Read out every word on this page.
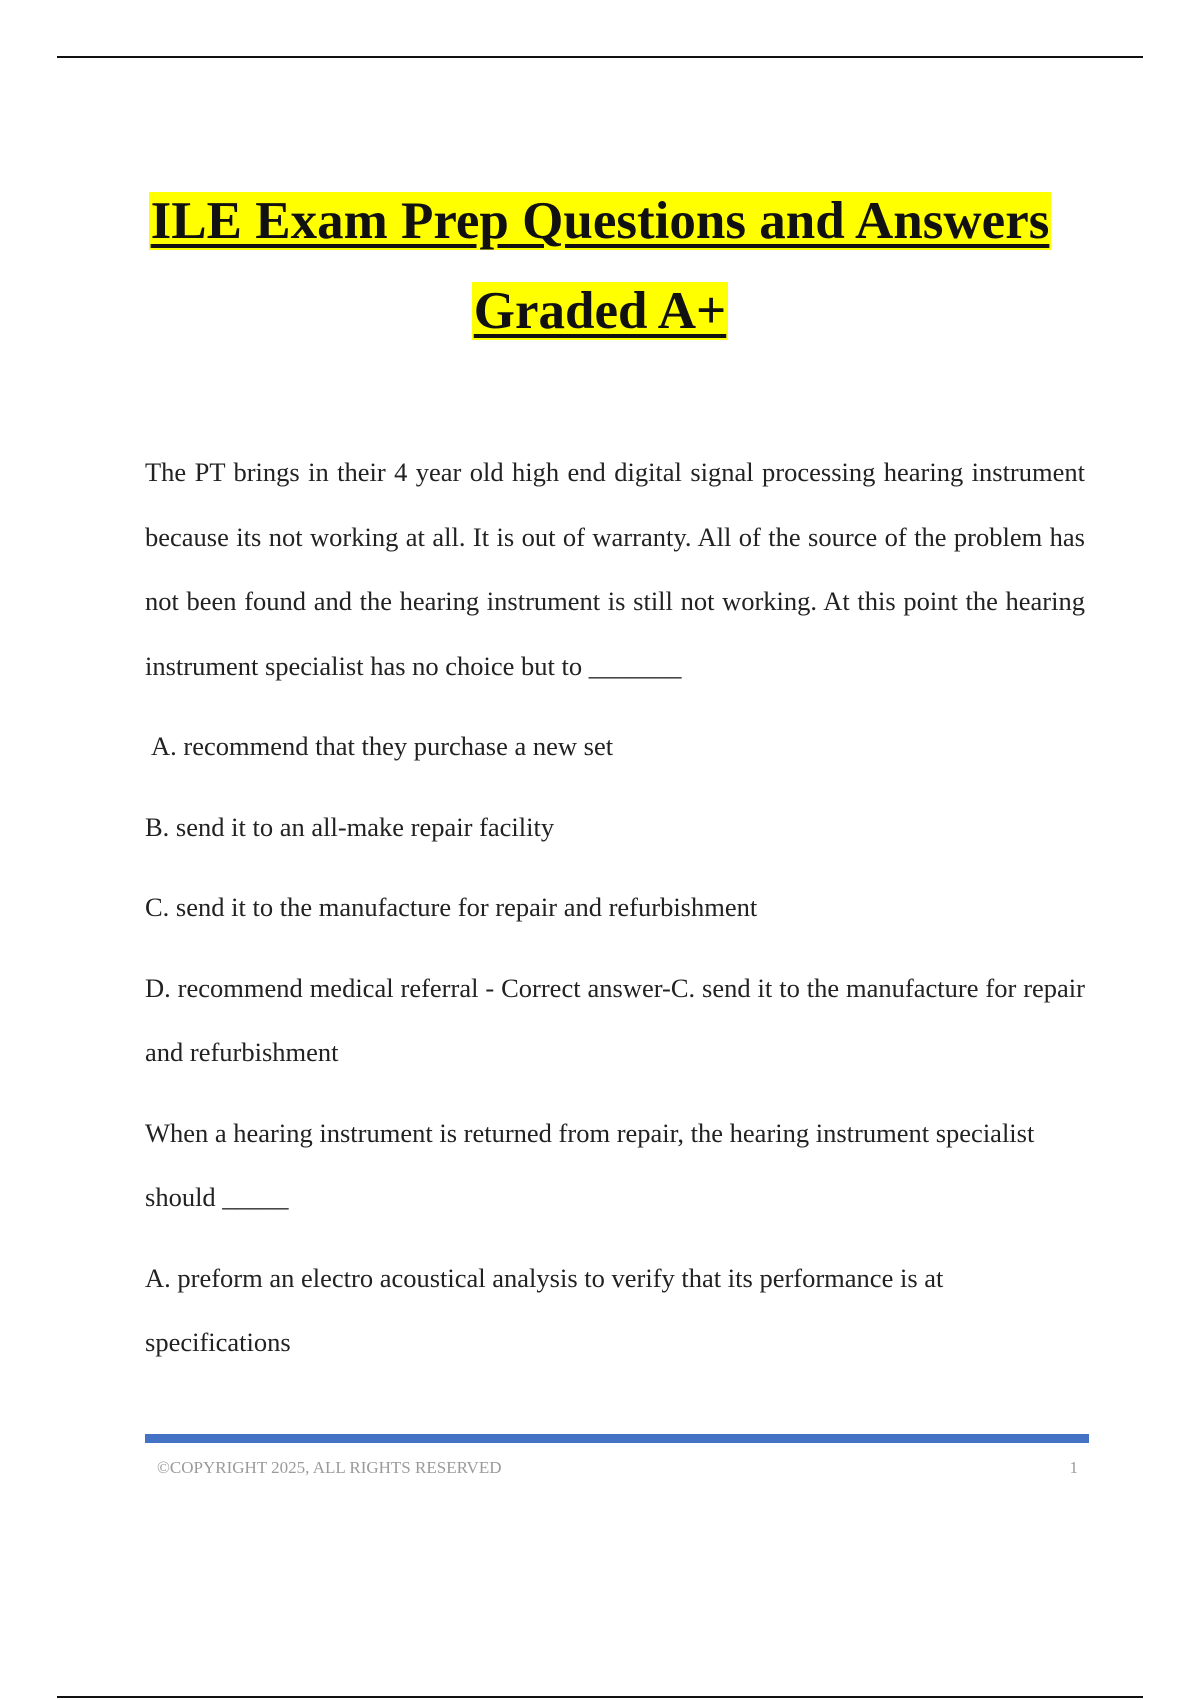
ILE Exam Prep Questions and Answers
Graded A+

The PT brings in their 4 year old high end digital signal processing hearing instrument because its not working at all. It is out of warranty. All of the source of the problem has not been found and the hearing instrument is still not working. At this point the hearing instrument specialist has no choice but to _______

A. recommend that they purchase a new set

B. send it to an all-make repair facility

C. send it to the manufacture for repair and refurbishment

D. recommend medical referral - Correct answer-C. send it to the manufacture for repair and refurbishment

When a hearing instrument is returned from repair, the hearing instrument specialist should _____

A. preform an electro acoustical analysis to verify that its performance is at specifications

©COPYRIGHT 2025, ALL RIGHTS RESERVED	1
